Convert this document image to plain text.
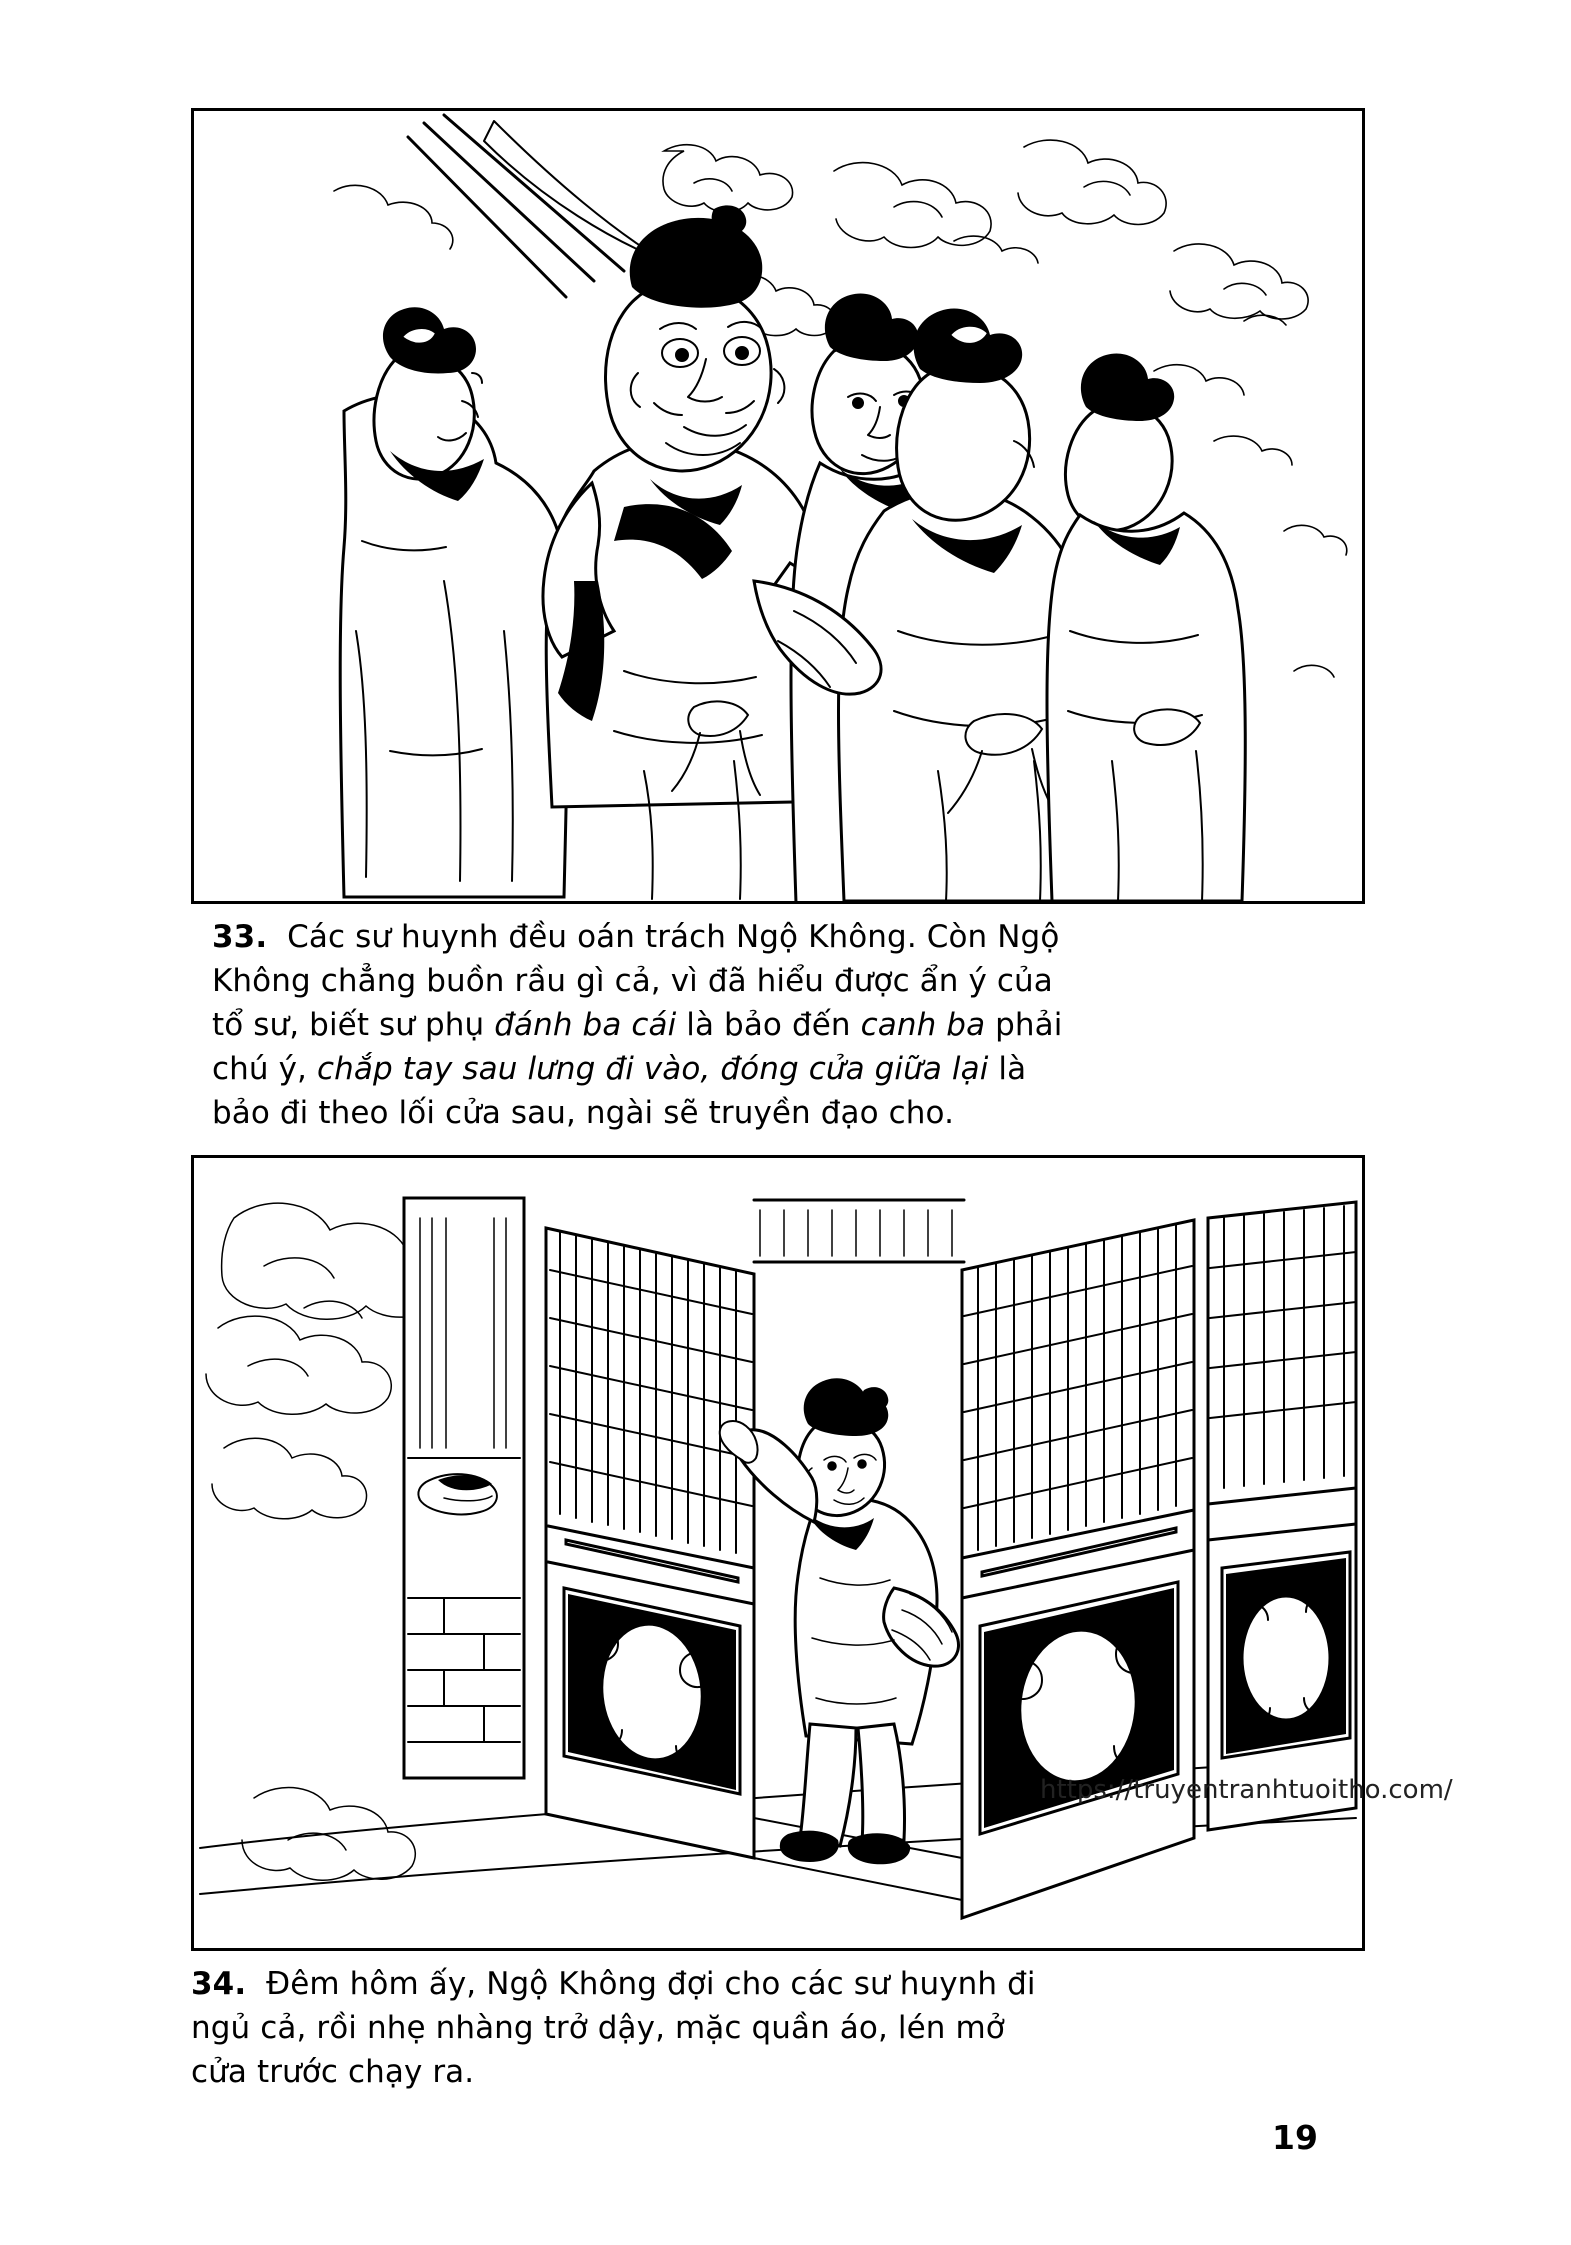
33. Các sư huynh đều oán trách Ngộ Không. Còn Ngộ
Không chẳng buồn rầu gì cả, vì đã hiểu được ẩn ý của
tổ sư, biết sư phụ đánh ba cái là bảo đến canh ba phải
chú ý, chắp tay sau lưng đi vào, đóng cửa giữa lại là
bảo đi theo lối cửa sau, ngài sẽ truyền đạo cho.

https://truyentranhtuoitho.com/

34. Đêm hôm ấy, Ngộ Không đợi cho các sư huynh đi
ngủ cả, rồi nhẹ nhàng trở dậy, mặc quần áo, lén mở
cửa trước chạy ra.

19
